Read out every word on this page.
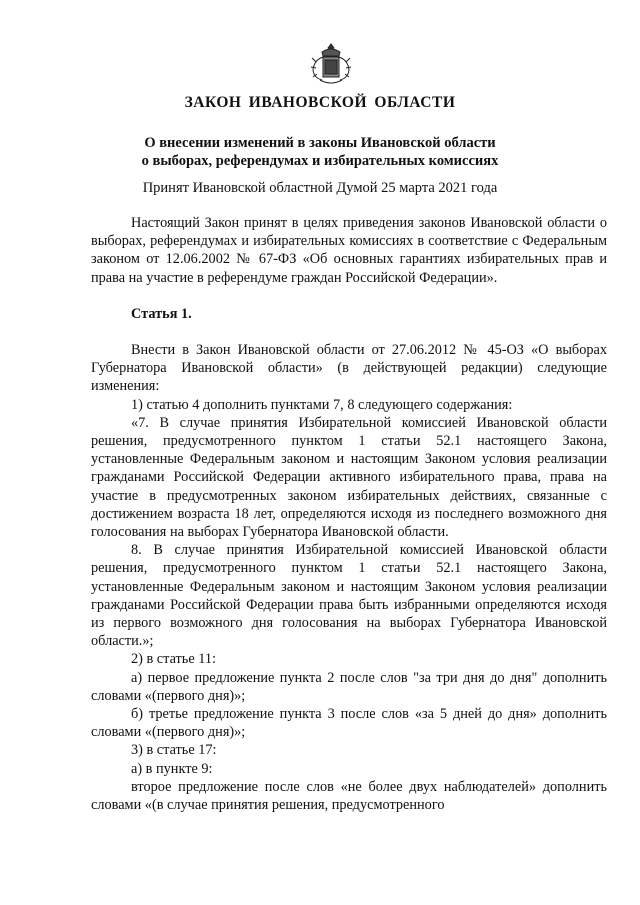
ЗАКОН ИВАНОВСКОЙ ОБЛАСТИ
О внесении изменений в законы Ивановской области
о выборах, референдумах и избирательных комиссиях
Принят Ивановской областной Думой 25 марта 2021 года

Настоящий Закон принят в целях приведения законов Ивановской области о выборах, референдумах и избирательных комиссиях в соответствие с Федеральным законом от 12.06.2002 № 67-ФЗ «Об основных гарантиях избирательных прав и права на участие в референдуме граждан Российской Федерации».

Статья 1.

Внести в Закон Ивановской области от 27.06.2012 № 45-ОЗ «О выборах Губернатора Ивановской области» (в действующей редакции) следующие изменения:

1) статью 4 дополнить пунктами 7, 8 следующего содержания:

«7. В случае принятия Избирательной комиссией Ивановской области решения, предусмотренного пунктом 1 статьи 52.1 настоящего Закона, установленные Федеральным законом и настоящим Законом условия реализации гражданами Российской Федерации активного избирательного права, права на участие в предусмотренных законом избирательных действиях, связанные с достижением возраста 18 лет, определяются исходя из последнего возможного дня голосования на выборах Губернатора Ивановской области.

8. В случае принятия Избирательной комиссией Ивановской области решения, предусмотренного пунктом 1 статьи 52.1 настоящего Закона, установленные Федеральным законом и настоящим Законом условия реализации гражданами Российской Федерации права быть избранными определяются исходя из первого возможного дня голосования на выборах Губернатора Ивановской области.»;

2) в статье 11:

а) первое предложение пункта 2 после слов "за три дня до дня" дополнить словами «(первого дня)»;

б) третье предложение пункта 3 после слов «за 5 дней до дня» дополнить словами «(первого дня)»;

3) в статье 17:

а) в пункте 9:

второе предложение после слов «не более двух наблюдателей» дополнить словами «(в случае принятия решения, предусмотренного
